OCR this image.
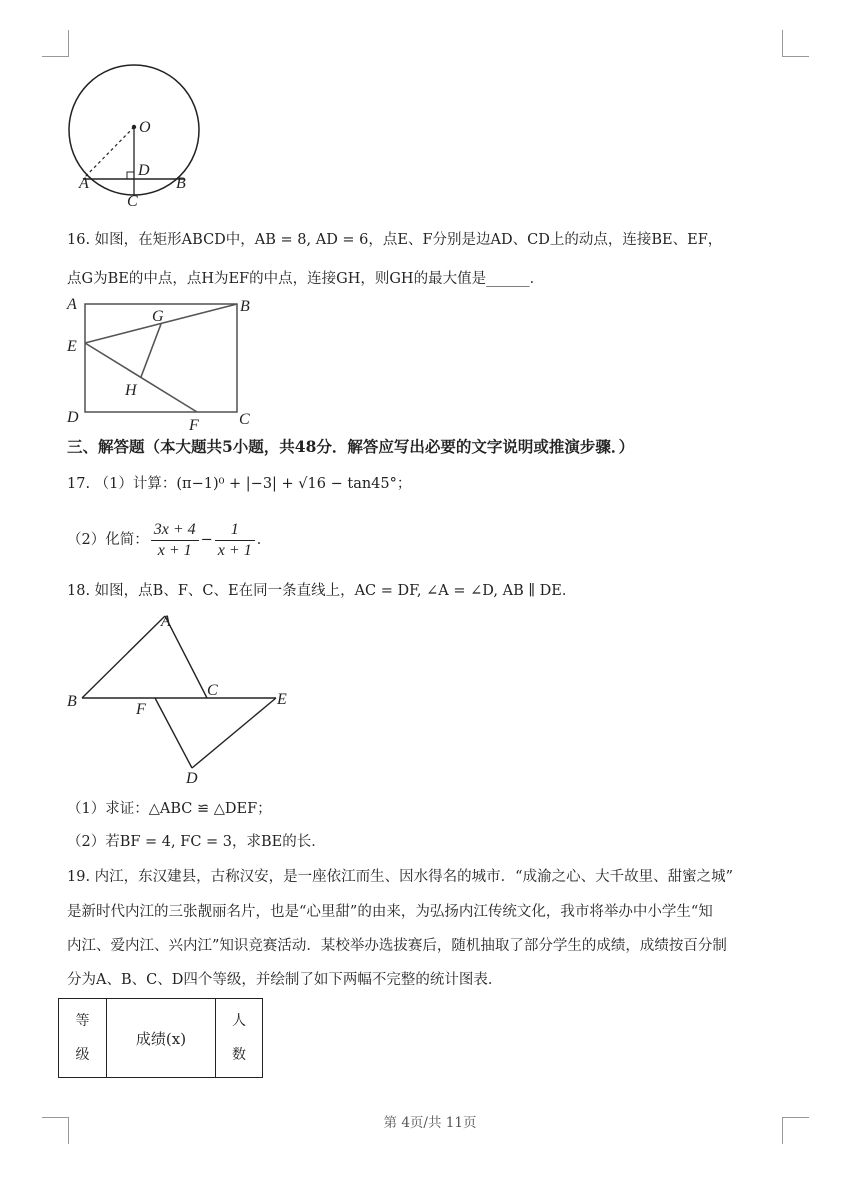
O
D
A	B
C
16. 如图，在矩形ABCD中，AB = 8, AD = 6，点E、F分别是边AD、CD上的动点，连接BE、EF，
点G为BE的中点，点H为EF的中点，连接GH，则GH的最大值是______．
A	B
E
G
H
D	F	C
三、解答题（本大题共5小题，共48分．解答应写出必要的文字说明或推演步骤．）
17. （1）计算：(π−1)⁰ + |−3| + √16 − tan45°；
（2）化简： $\frac{3x + 4}{x + 1} - \frac{1}{x + 1}$ ．
18. 如图，点B、F、C、E在同一条直线上，AC = DF, ∠A = ∠D, AB ∥ DE．
A
B
C
F
E
D
（1）求证：△ABC ≌ △DEF；
（2）若BF = 4, FC = 3，求BE的长．
19. 内江，东汉建县，古称汉安，是一座依江而生、因水得名的城市．“成渝之心、大千故里、甜蜜之城”
是新时代内江的三张靓丽名片，也是“心里甜”的由来，为弘扬内江传统文化，我市将举办中小学生“知
内江、爱内江、兴内江”知识竞赛活动．某校举办选拔赛后，随机抽取了部分学生的成绩，成绩按百分制
分为A、B、C、D四个等级，并绘制了如下两幅不完整的统计图表．
等
级
	成绩(x)	
人
数
第 4页/共 11页
